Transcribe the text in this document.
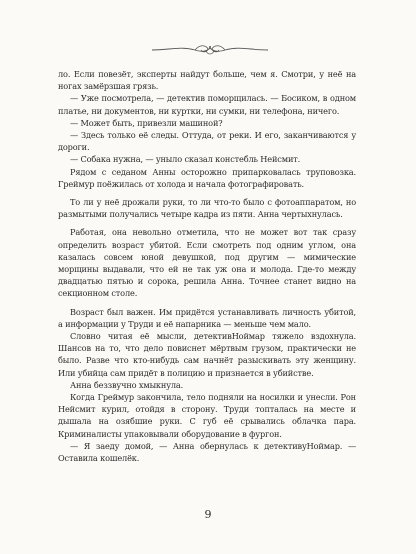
ло. Если повезёт, эксперты найдут больше, чем я. Смотри, у неё на ногах замёрзшая грязь.

— Уже посмотрела, — детектив поморщилась. — Босиком, в одном платье, ни документов, ни куртки, ни сумки, ни телефона, ничего.

— Может быть, привезли машиной?

— Здесь только её следы. Оттуда, от реки. И его, заканчиваются у дороги.

— Собака нужна, — уныло сказал констебль Нейсмит.

Рядом с седаном Анны осторожно припарковалась труповозка. Греймур поёжилась от холода и начала фотографировать.

То ли у неё дрожали руки, то ли что-то было с фотоаппаратом, но размытыми получались четыре кадра из пяти. Анна чертыхнулась.

Работая, она невольно отметила, что не может вот так сразу определить возраст убитой. Если смотреть под одним углом, она казалась совсем юной девушкой, под другим — мимические морщины выдавали, что ей не так уж она и молода. Где-то между двадцатью пятью и сорока, решила Анна. Точнее станет видно на секционном столе.

Возраст был важен. Им придётся устанавливать личность убитой, а информации у Труди и её напарника — меньше чем мало.

Словно читая её мысли, детективНоймар тяжело вздохнула. Шансов на то, что дело повиснет мёртвым грузом, практически не было. Разве что кто-нибудь сам начнёт разыскивать эту женщину. Или убийца сам придёт в полицию и признается в убийстве.

Анна беззвучно хмыкнула.

Когда Греймур закончила, тело подняли на носилки и унесли. Рон Нейсмит курил, отойдя в сторону. Труди топталась на месте и дышала на озябшие руки. С губ её срывались облачка пара. Криминалисты упаковывали оборудование в фургон.

— Я заеду домой, — Анна обернулась к детективуНоймар. — Оставила кошелёк.

9
